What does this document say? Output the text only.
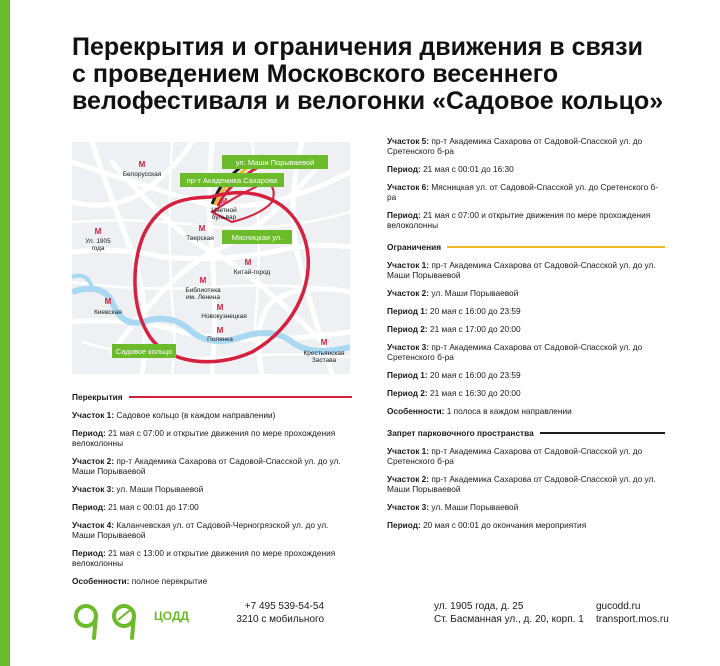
Перекрытия и ограничения движения в связи
с проведением Московского весеннего
велофестиваля и велогонки «Садовое кольцо»
ул. Маши Порываевой
пр-т Академика Сахарова
Мясницкая ул.
Садовое кольцо
M
Белорусская
M
Цветной
бульвар
M
Ул. 1905
года
M
Тверская
M
Китай-город
M
Библиотека
им. Ленина
M
Киевская
M
Новокузнецкая
M
Полянка	M
Крестьянская
Застава
Перекрытия
Участок 1: Садовое кольцо (в каждом направлении)
Период: 21 мая с 07:00 и открытие движения по мере прохождения велоколонны
Участок 2: пр-т Академика Сахарова от Садовой-Спасской ул. до ул. Маши Порываевой
Участок 3: ул. Маши Порываевой
Период: 21 мая с 00:01 до 17:00
Участок 4: Каланчевская ул. от Садовой-Черногрязской ул. до ул. Маши Порываевой
Период: 21 мая с 13:00 и открытие движения по мере прохождения велоколонны
Особенности: полное перекрытие
Участок 5: пр-т Академика Сахарова от Садовой-Спасской ул. до Сретенского б-ра
Период: 21 мая с 00:01 до 16:30
Участок 6: Мясницкая ул. от Садовой-Спасской ул. до Сретенского б-ра
Период: 21 мая с 07:00 и открытие движения по мере прохождения велоколонны
Ограничения
Участок 1: пр-т Академика Сахарова от Садовой-Спасской ул. до ул. Маши Порываевой
Участок 2: ул. Маши Порываевой
Период 1: 20 мая с 16:00 до 23:59
Период 2: 21 мая с 17:00 до 20:00
Участок 3: пр-т Академика Сахарова от Садовой-Спасской ул. до Сретенского б-ра
Период 1: 20 мая с 16:00 до 23:59
Период 2: 21 мая с 16:30 до 20:00
Особенности: 1 полоса в каждом направлении
Запрет парковочного пространства
Участок 1: пр-т Академика Сахарова от Садовой-Спасской ул. до Сретенского б-ра
Участок 2: пр-т Академика Сахарова от Садовой-Спасской ул. до ул. Маши Порываевой
Участок 3: ул. Маши Порываевой
Период: 20 мая с 00:01 до окончания мероприятия
ЦОДД
+7 495 539-54-54
3210 с мобильного
ул. 1905 года, д. 25
Ст. Басманная ул., д. 20, корп. 1
gucodd.ru
transport.mos.ru
